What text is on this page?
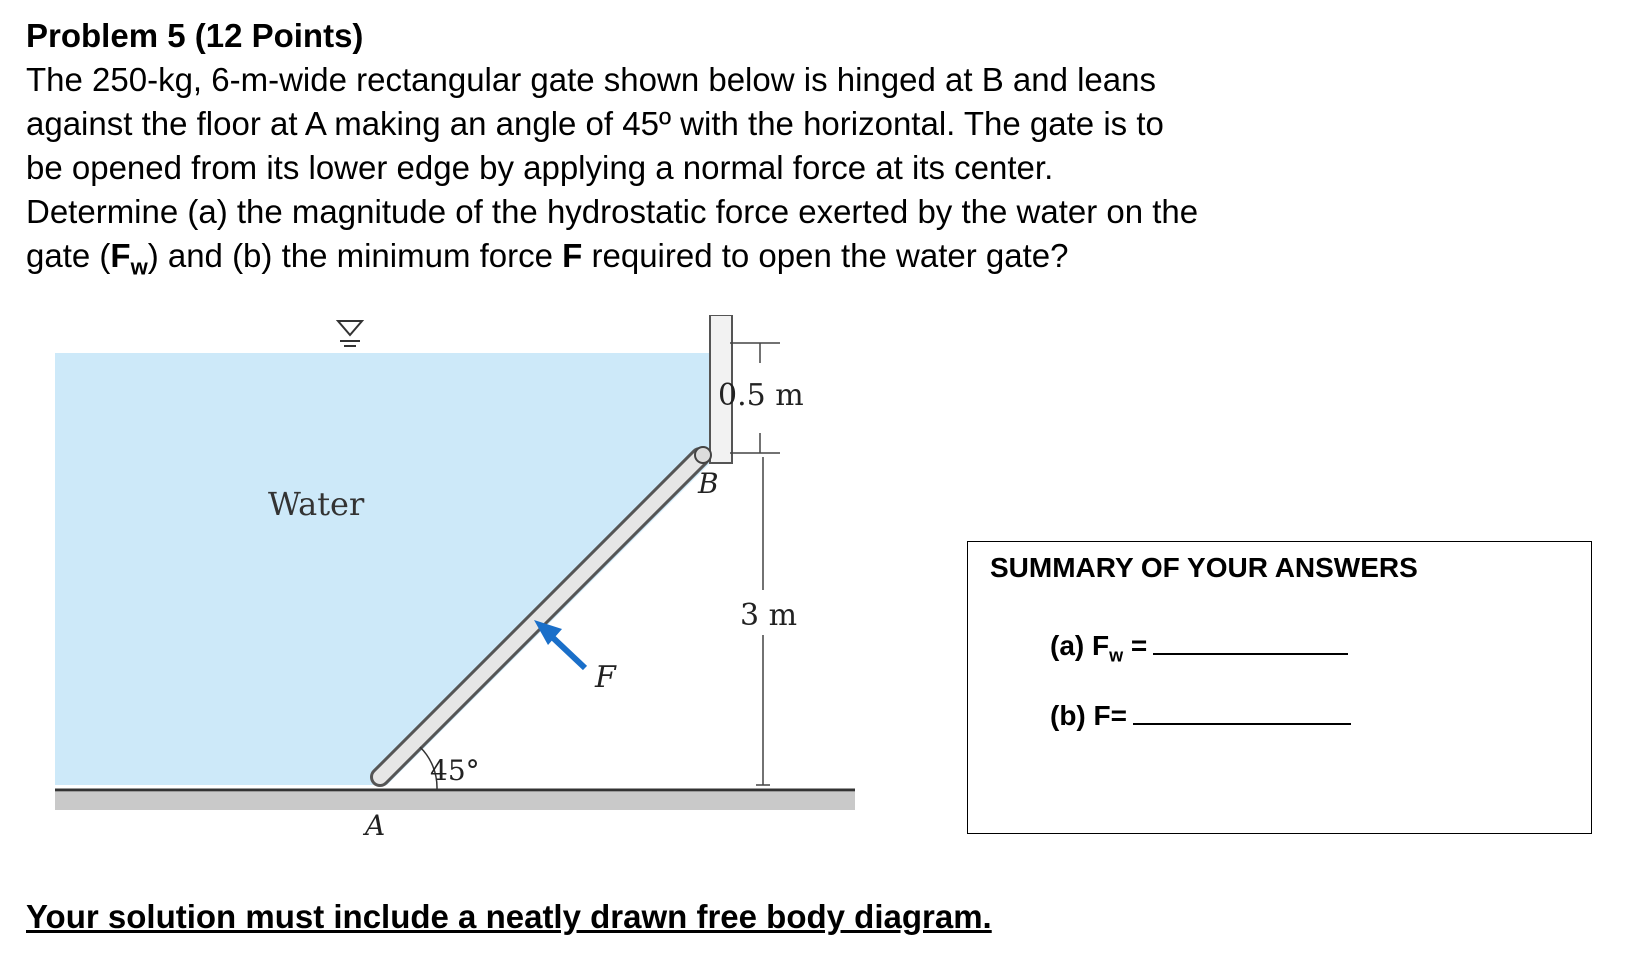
Problem 5 (12 Points)
The 250-kg, 6-m-wide rectangular gate shown below is hinged at B and leans
against the floor at A making an angle of 45º with the horizontal. The gate is to
be opened from its lower edge by applying a normal force at its center.
Determine (a) the magnitude of the hydrostatic force exerted by the water on the
gate $(F_w)$ and (b) the minimum force F required to open the water gate?
45°
F
Water
0.5 m
3 m
B
A
SUMMARY OF YOUR ANSWERS
(a) $F_w$ =
(b) F=
Your solution must include a neatly drawn free body diagram.
